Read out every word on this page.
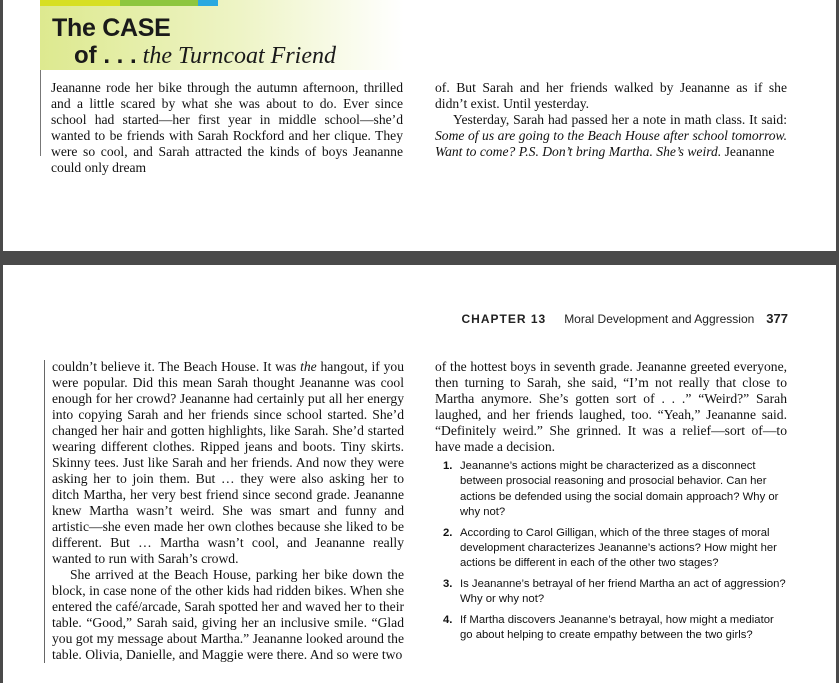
The CASE
of . . . the Turncoat Friend

Jeananne rode her bike through the autumn afternoon, thrilled and a little scared by what she was about to do. Ever since school had started—her first year in middle school—she’d wanted to be friends with Sarah Rockford and her clique. They were so cool, and Sarah attracted the kinds of boys Jeananne could only dream

of. But Sarah and her friends walked by Jeananne as if she didn’t exist. Until yesterday.

Yesterday, Sarah had passed her a note in math class. It said: Some of us are going to the Beach House after school tomorrow. Want to come? P.S. Don’t bring Martha. She’s weird. Jeananne

CHAPTER 13 Moral Development and Aggression 377

couldn’t believe it. The Beach House. It was the hangout, if you were popular. Did this mean Sarah thought Jeananne was cool enough for her crowd? Jeananne had certainly put all her energy into copying Sarah and her friends since school started. She’d changed her hair and gotten highlights, like Sarah. She’d started wearing different clothes. Ripped jeans and boots. Tiny skirts. Skinny tees. Just like Sarah and her friends. And now they were asking her to join them. But … they were also asking her to ditch Martha, her very best friend since second grade. Jeananne knew Martha wasn’t weird. She was smart and funny and artistic—she even made her own clothes because she liked to be different. But … Martha wasn’t cool, and Jeananne really wanted to run with Sarah’s crowd.

She arrived at the Beach House, parking her bike down the block, in case none of the other kids had ridden bikes. When she entered the café/arcade, Sarah spotted her and waved her to their table. “Good,” Sarah said, giving her an inclusive smile. “Glad you got my message about Martha.” Jeananne looked around the table. Olivia, Danielle, and Maggie were there. And so were two

of the hottest boys in seventh grade. Jeananne greeted everyone, then turning to Sarah, she said, “I’m not really that close to Martha anymore. She’s gotten sort of . . .” “Weird?” Sarah laughed, and her friends laughed, too. “Yeah,” Jeananne said. “Definitely weird.” She grinned. It was a relief—sort of—to have made a decision.

1. Jeananne’s actions might be characterized as a disconnect between prosocial reasoning and prosocial behavior. Can her actions be defended using the social domain approach? Why or why not?
2. According to Carol Gilligan, which of the three stages of moral development characterizes Jeananne’s actions? How might her actions be different in each of the other two stages?
3. Is Jeananne’s betrayal of her friend Martha an act of aggression? Why or why not?
4. If Martha discovers Jeananne’s betrayal, how might a mediator go about helping to create empathy between the two girls?
